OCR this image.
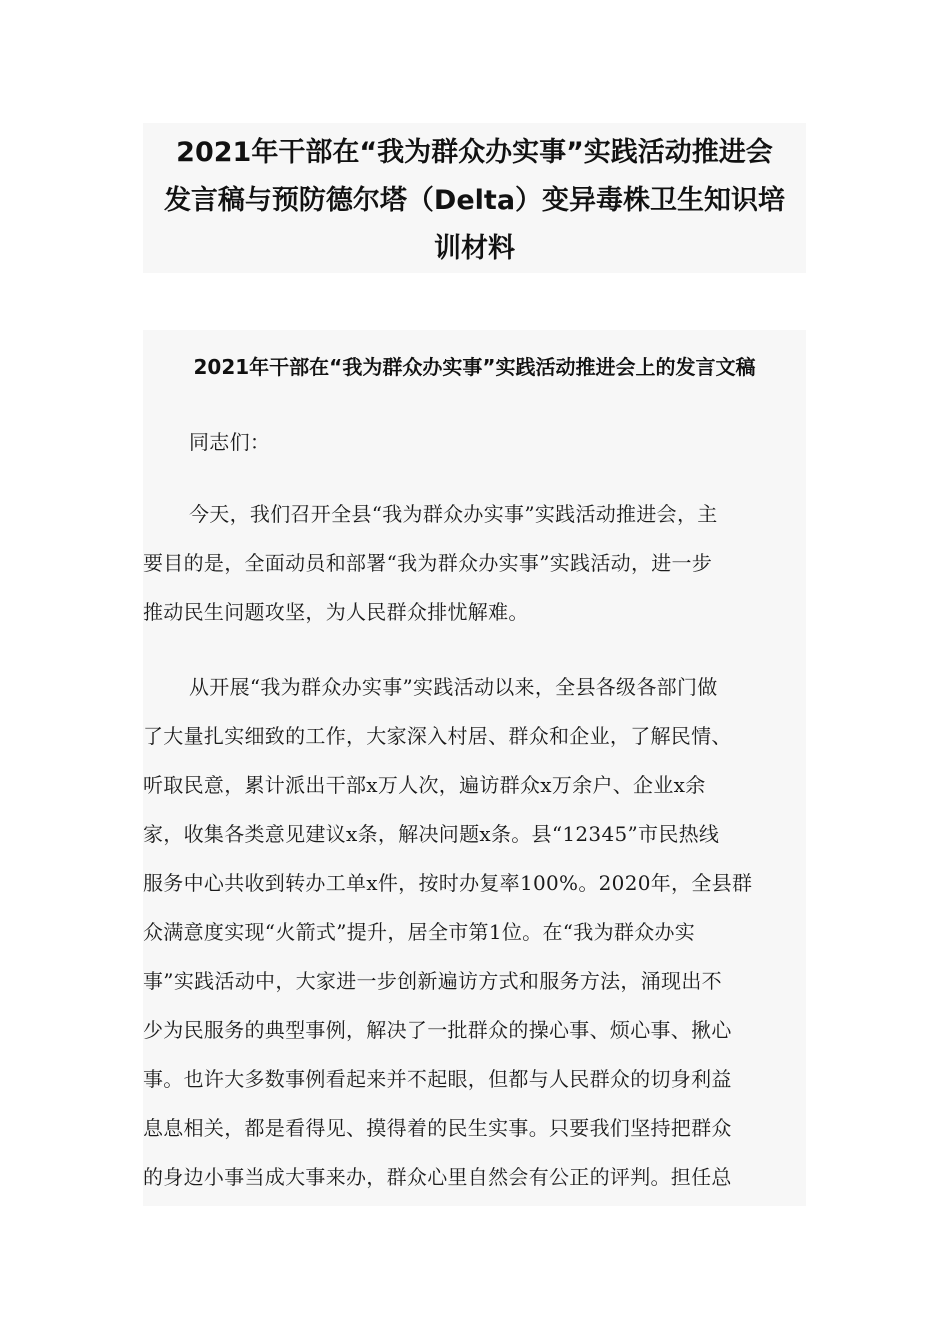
2021年干部在“我为群众办实事”实践活动推进会
发言稿与预防德尔塔（Delta）变异毒株卫生知识培
训材料
2021年干部在“我为群众办实事”实践活动推进会上的发言文稿
同志们：
今天，我们召开全县“我为群众办实事”实践活动推进会，主
要目的是，全面动员和部署“我为群众办实事”实践活动，进一步
推动民生问题攻坚，为人民群众排忧解难。
从开展“我为群众办实事”实践活动以来，全县各级各部门做
了大量扎实细致的工作，大家深入村居、群众和企业，了解民情、
听取民意，累计派出干部x万人次，遍访群众x万余户、企业x余
家，收集各类意见建议x条，解决问题x条。县“12345”市民热线
服务中心共收到转办工单x件，按时办复率100%。2020年，全县群
众满意度实现“火箭式”提升，居全市第1位。在“我为群众办实
事”实践活动中，大家进一步创新遍访方式和服务方法，涌现出不
少为民服务的典型事例，解决了一批群众的操心事、烦心事、揪心
事。也许大多数事例看起来并不起眼，但都与人民群众的切身利益
息息相关，都是看得见、摸得着的民生实事。只要我们坚持把群众
的身边小事当成大事来办，群众心里自然会有公正的评判。担任总
